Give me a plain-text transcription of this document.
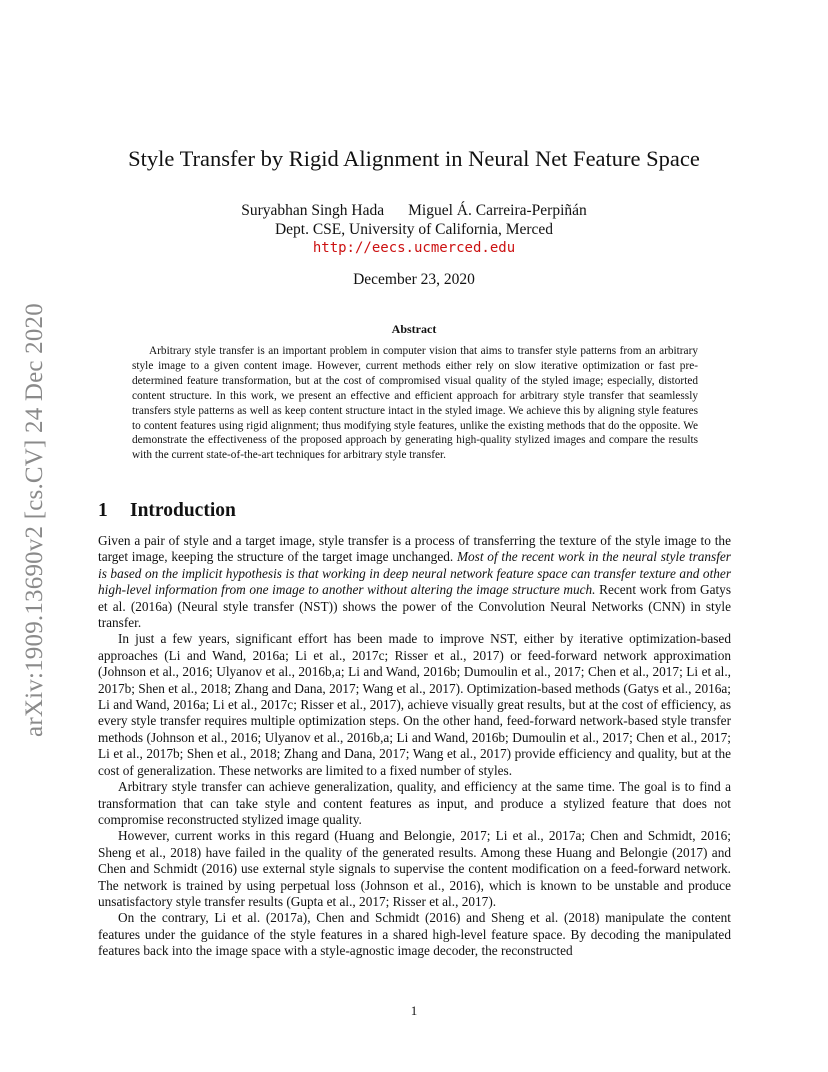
arXiv:1909.13690v2 [cs.CV] 24 Dec 2020
Style Transfer by Rigid Alignment in Neural Net Feature Space
Suryabhan Singh Hada Miguel Á. Carreira-Perpiñán
Dept. CSE, University of California, Merced
http://eecs.ucmerced.edu
December 23, 2020
Abstract

Arbitrary style transfer is an important problem in computer vision that aims to transfer style patterns from an arbitrary style image to a given content image. However, current methods either rely on slow iterative optimization or fast pre-determined feature transformation, but at the cost of compromised visual quality of the styled image; especially, distorted content structure. In this work, we present an effective and efficient approach for arbitrary style transfer that seamlessly transfers style patterns as well as keep content structure intact in the styled image. We achieve this by aligning style features to content features using rigid alignment; thus modifying style features, unlike the existing methods that do the opposite. We demonstrate the effectiveness of the proposed approach by generating high-quality stylized images and compare the results with the current state-of-the-art techniques for arbitrary style transfer.

1 Introduction

Given a pair of style and a target image, style transfer is a process of transferring the texture of the style image to the target image, keeping the structure of the target image unchanged. Most of the recent work in the neural style transfer is based on the implicit hypothesis is that working in deep neural network feature space can transfer texture and other high-level information from one image to another without altering the image structure much. Recent work from Gatys et al. (2016a) (Neural style transfer (NST)) shows the power of the Convolution Neural Networks (CNN) in style transfer.

In just a few years, significant effort has been made to improve NST, either by iterative optimization-based approaches (Li and Wand, 2016a; Li et al., 2017c; Risser et al., 2017) or feed-forward network approximation (Johnson et al., 2016; Ulyanov et al., 2016b,a; Li and Wand, 2016b; Dumoulin et al., 2017; Chen et al., 2017; Li et al., 2017b; Shen et al., 2018; Zhang and Dana, 2017; Wang et al., 2017). Optimization-based methods (Gatys et al., 2016a; Li and Wand, 2016a; Li et al., 2017c; Risser et al., 2017), achieve visually great results, but at the cost of efficiency, as every style transfer requires multiple optimization steps. On the other hand, feed-forward network-based style transfer methods (Johnson et al., 2016; Ulyanov et al., 2016b,a; Li and Wand, 2016b; Dumoulin et al., 2017; Chen et al., 2017; Li et al., 2017b; Shen et al., 2018; Zhang and Dana, 2017; Wang et al., 2017) provide efficiency and quality, but at the cost of generalization. These networks are limited to a fixed number of styles.

Arbitrary style transfer can achieve generalization, quality, and efficiency at the same time. The goal is to find a transformation that can take style and content features as input, and produce a stylized feature that does not compromise reconstructed stylized image quality.

However, current works in this regard (Huang and Belongie, 2017; Li et al., 2017a; Chen and Schmidt, 2016; Sheng et al., 2018) have failed in the quality of the generated results. Among these Huang and Belongie (2017) and Chen and Schmidt (2016) use external style signals to supervise the content modification on a feed-forward network. The network is trained by using perpetual loss (Johnson et al., 2016), which is known to be unstable and produce unsatisfactory style transfer results (Gupta et al., 2017; Risser et al., 2017).

On the contrary, Li et al. (2017a), Chen and Schmidt (2016) and Sheng et al. (2018) manipulate the content features under the guidance of the style features in a shared high-level feature space. By decoding the manipulated features back into the image space with a style-agnostic image decoder, the reconstructed

1
